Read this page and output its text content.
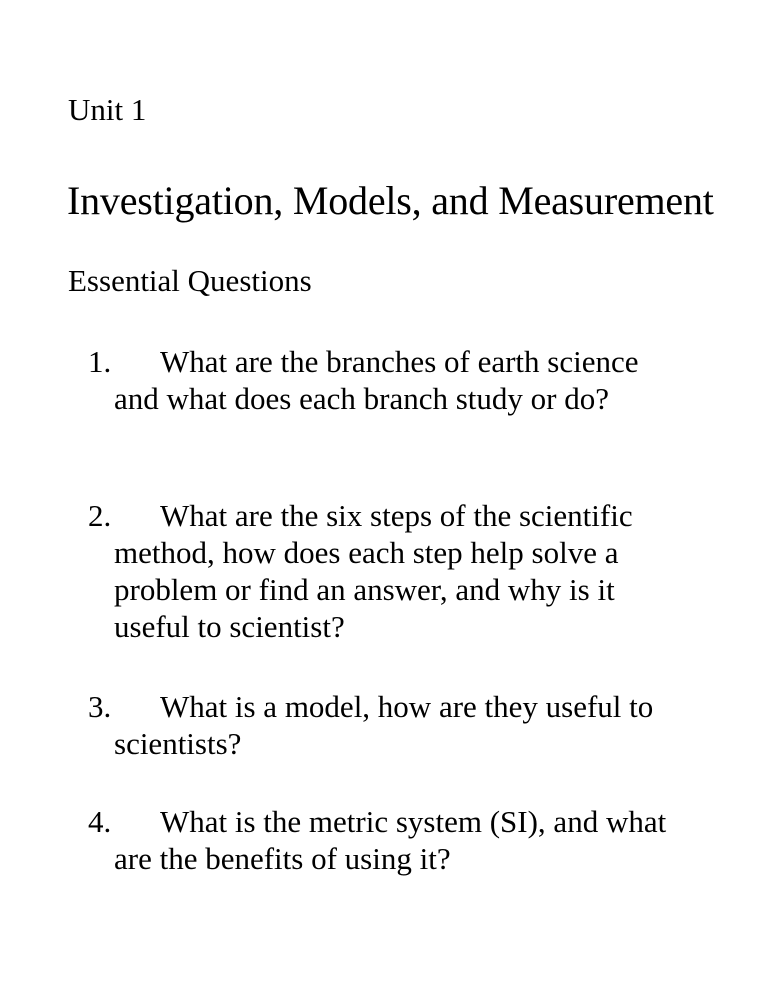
Unit 1
Investigation, Models, and Measurement
Essential Questions
1. What are the branches of earth science
and what does each branch study or do?
2. What are the six steps of the scientific
method, how does each step help solve a
problem or find an answer, and why is it
useful to scientist?
3. What is a model, how are they useful to
scientists?
4. What is the metric system (SI), and what
are the benefits of using it?
